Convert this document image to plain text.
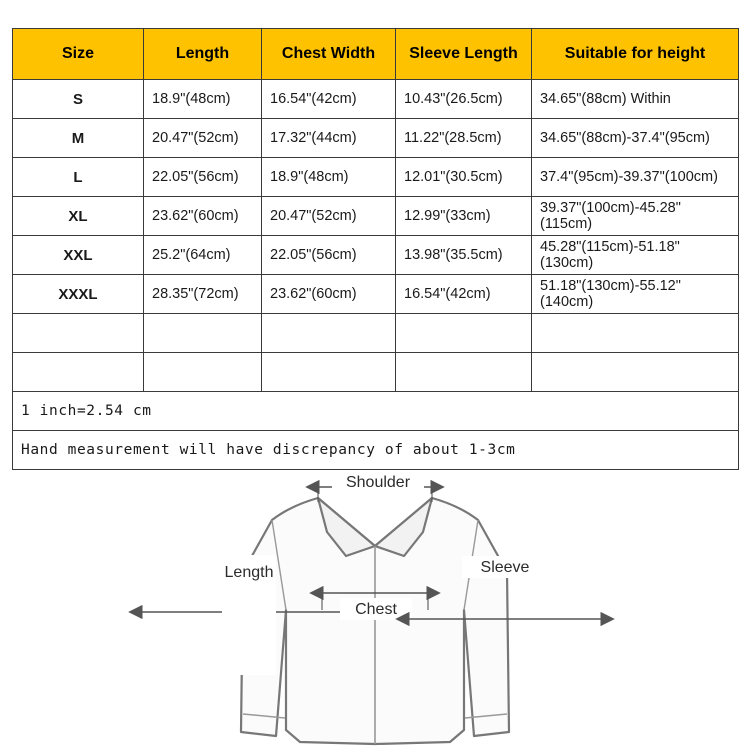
Size	Length	Chest Width	Sleeve Length	Suitable for height
S	18.9"(48cm)	16.54"(42cm)	10.43"(26.5cm)	34.65"(88cm) Within
M	20.47"(52cm)	17.32"(44cm)	11.22"(28.5cm)	34.65"(88cm)-37.4"(95cm)
L	22.05"(56cm)	18.9"(48cm)	12.01"(30.5cm)	37.4"(95cm)-39.37"(100cm)
XL	23.62"(60cm)	20.47"(52cm)	12.99"(33cm)	39.37"(100cm)-45.28"(115cm)
XXL	25.2"(64cm)	22.05"(56cm)	13.98"(35.5cm)	45.28"(115cm)-51.18"(130cm)
XXXL	28.35"(72cm)	23.62"(60cm)	16.54"(42cm)	51.18"(130cm)-55.12"(140cm)

1 inch=2.54 cm				
Hand measurement will have discrepancy of about 1-3cm				
Shoulder
Length
Chest
Sleeve
